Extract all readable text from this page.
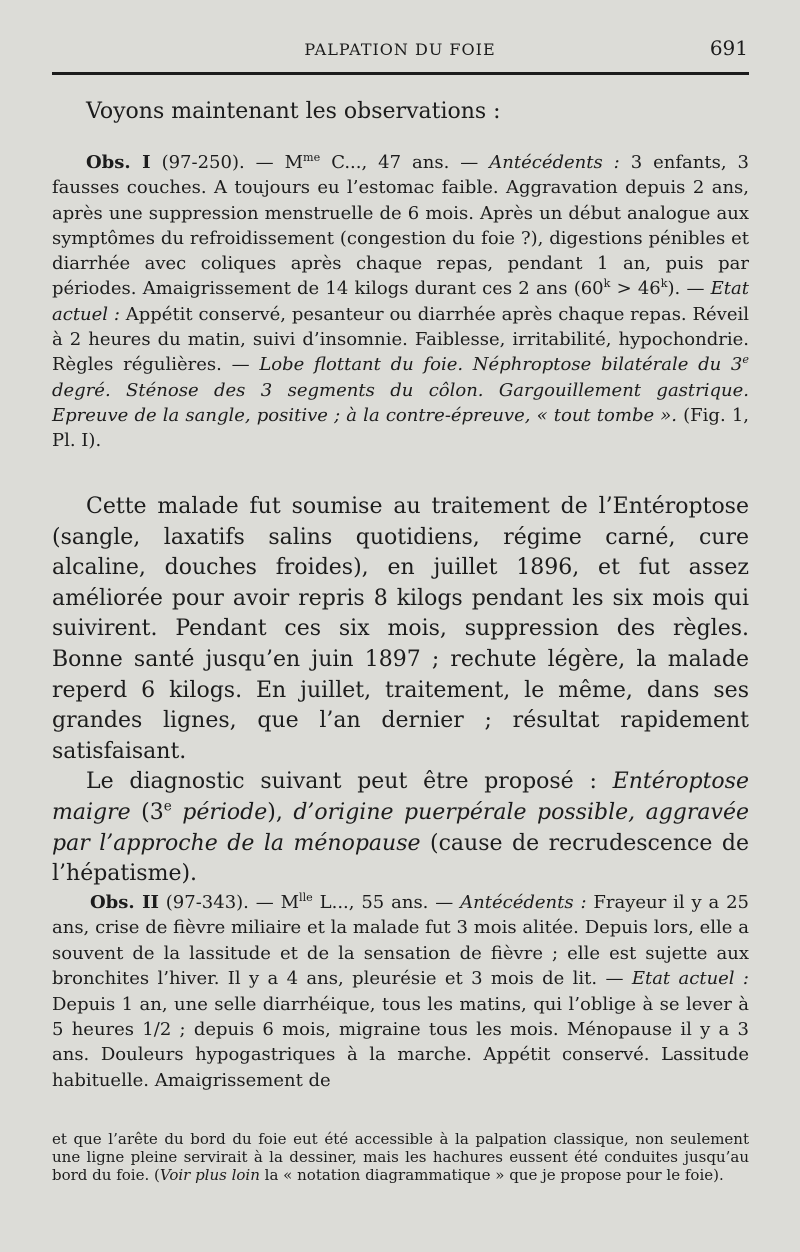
PALPATION DU FOIE	691

Voyons maintenant les observations :

Obs. I (97-250). — $M^{me}$ C..., 47 ans. — Antécédents : 3 enfants, 3 fausses couches. A toujours eu l’estomac faible. Aggravation depuis 2 ans, après une suppression menstruelle de 6 mois. Après un début analogue aux symptômes du refroidissement (congestion du foie ?), digestions pénibles et diarrhée avec coliques après chaque repas, pendant 1 an, puis par périodes. Amaigrissement de 14 kilogs durant ces 2 ans $(60^k > 46^k)$. — Etat actuel : Appétit conservé, pesanteur ou diarrhée après chaque repas. Réveil à 2 heures du matin, suivi d’insomnie. Faiblesse, irritabilité, hypochondrie. Règles régulières. — Lobe flottant du foie. Néphroptose bilatérale du 3e degré. Sténose des 3 segments du côlon. Gargouillement gastrique. Epreuve de la sangle, positive ; à la contre-épreuve, « tout tombe ». (Fig. 1, Pl. I).

Cette malade fut soumise au traitement de l’Entéroptose (sangle, laxatifs salins quotidiens, régime carné, cure alcaline, douches froides), en juillet 1896, et fut assez améliorée pour avoir repris 8 kilogs pendant les six mois qui suivirent. Pendant ces six mois, suppression des règles. Bonne santé jusqu’en juin 1897 ; rechute légère, la malade reperd 6 kilogs. En juillet, traitement, le même, dans ses grandes lignes, que l’an dernier ; résultat rapidement satisfaisant.

Le diagnostic suivant peut être proposé : Entéroptose maigre (3e période), d’origine puerpérale possible, aggravée par l’approche de la ménopause (cause de recrudescence de l’hépatisme).

Obs. II (97-343). — $M^{lle}$ L..., 55 ans. — Antécédents : Frayeur il y a 25 ans, crise de fièvre miliaire et la malade fut 3 mois alitée. Depuis lors, elle a souvent de la lassitude et de la sensation de fièvre ; elle est sujette aux bronchites l’hiver. Il y a 4 ans, pleurésie et 3 mois de lit. — Etat actuel : Depuis 1 an, une selle diarrhéique, tous les matins, qui l’oblige à se lever à 5 heures 1/2 ; depuis 6 mois, migraine tous les mois. Ménopause il y a 3 ans. Douleurs hypogastriques à la marche. Appétit conservé. Lassitude habituelle. Amaigrissement de

et que l’arête du bord du foie eut été accessible à la palpation classique, non seulement une ligne pleine servirait à la dessiner, mais les hachures eussent été conduites jusqu’au bord du foie. (Voir plus loin la « notation diagrammatique » que je propose pour le foie).
